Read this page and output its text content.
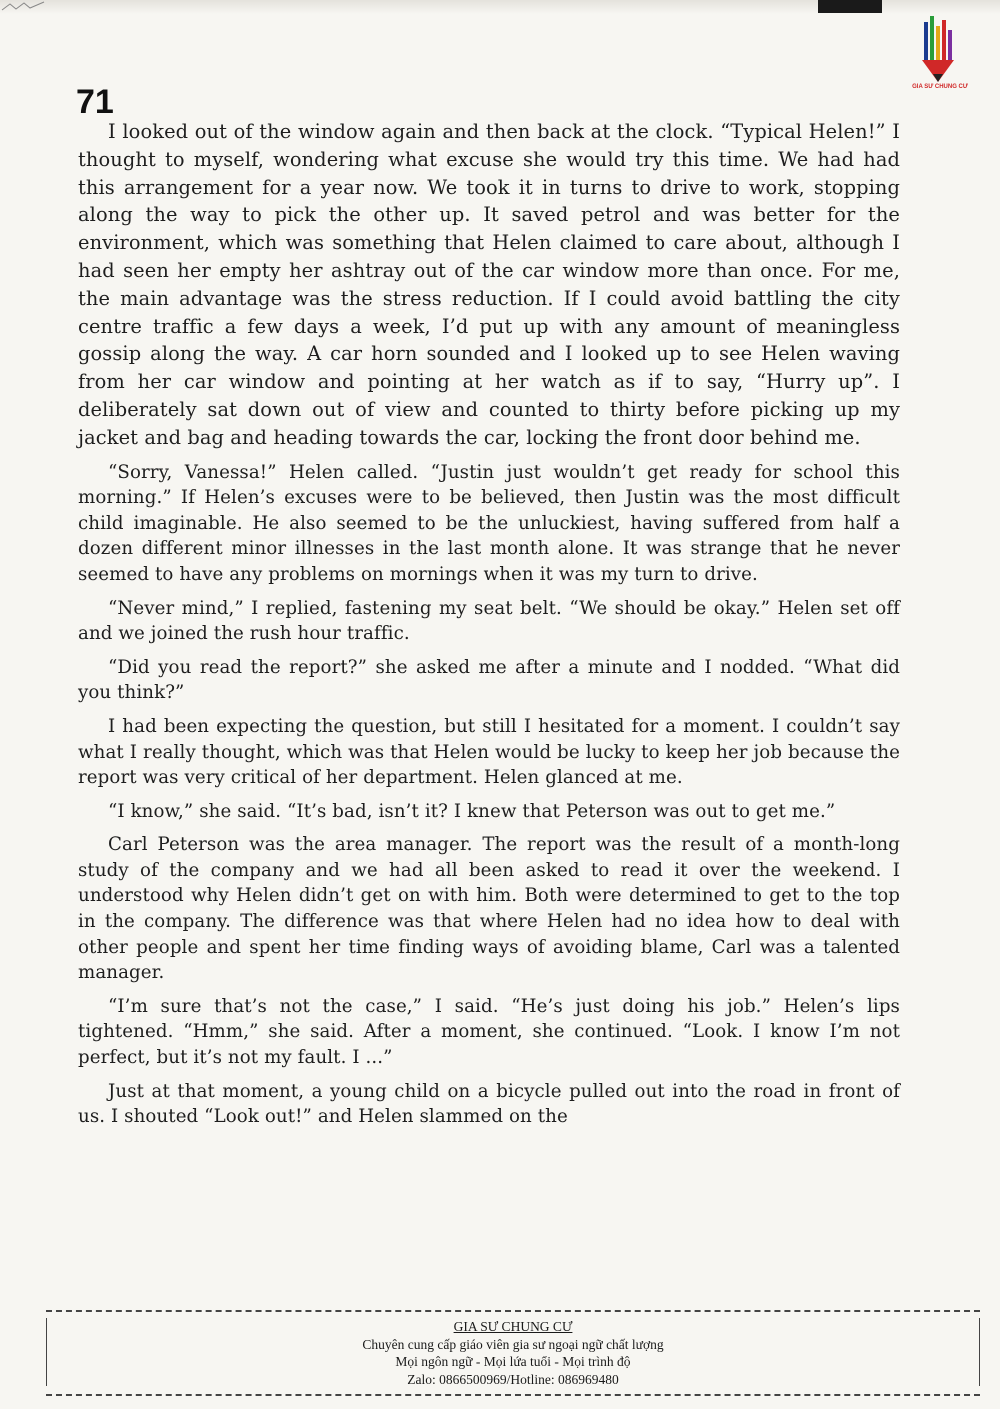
GIA SƯ CHUNG CƯ
71

I looked out of the window again and then back at the clock. “Typical Helen!” I thought to myself, wondering what excuse she would try this time. We had had this arrangement for a year now. We took it in turns to drive to work, stopping along the way to pick the other up. It saved petrol and was better for the environment, which was something that Helen claimed to care about, although I had seen her empty her ashtray out of the car window more than once. For me, the main advantage was the stress reduction. If I could avoid battling the city centre traffic a few days a week, I’d put up with any amount of meaningless gossip along the way. A car horn sounded and I looked up to see Helen waving from her car window and pointing at her watch as if to say, “Hurry up”. I deliberately sat down out of view and counted to thirty before picking up my jacket and bag and heading towards the car, locking the front door behind me.

“Sorry, Vanessa!” Helen called. “Justin just wouldn’t get ready for school this morning.” If Helen’s excuses were to be believed, then Justin was the most difficult child imaginable. He also seemed to be the unluckiest, having suffered from half a dozen different minor illnesses in the last month alone. It was strange that he never seemed to have any problems on mornings when it was my turn to drive.

“Never mind,” I replied, fastening my seat belt. “We should be okay.” Helen set off and we joined the rush hour traffic.

“Did you read the report?” she asked me after a minute and I nodded. “What did you think?”

I had been expecting the question, but still I hesitated for a moment. I couldn’t say what I really thought, which was that Helen would be lucky to keep her job because the report was very critical of her department. Helen glanced at me.

“I know,” she said. “It’s bad, isn’t it? I knew that Peterson was out to get me.”

Carl Peterson was the area manager. The report was the result of a month-long study of the company and we had all been asked to read it over the weekend. I understood why Helen didn’t get on with him. Both were determined to get to the top in the company. The difference was that where Helen had no idea how to deal with other people and spent her time finding ways of avoiding blame, Carl was a talented manager.

“I’m sure that’s not the case,” I said. “He’s just doing his job.” Helen’s lips tightened. “Hmm,” she said. After a moment, she continued. “Look. I know I’m not perfect, but it’s not my fault. I ...”

Just at that moment, a young child on a bicycle pulled out into the road in front of us. I shouted “Look out!” and Helen slammed on the

GIA SƯ CHUNG CƯ
Chuyên cung cấp giáo viên gia sư ngoại ngữ chất lượng
Mọi ngôn ngữ - Mọi lứa tuổi - Mọi trình độ
Zalo: 0866500969/Hotline: 086969480
